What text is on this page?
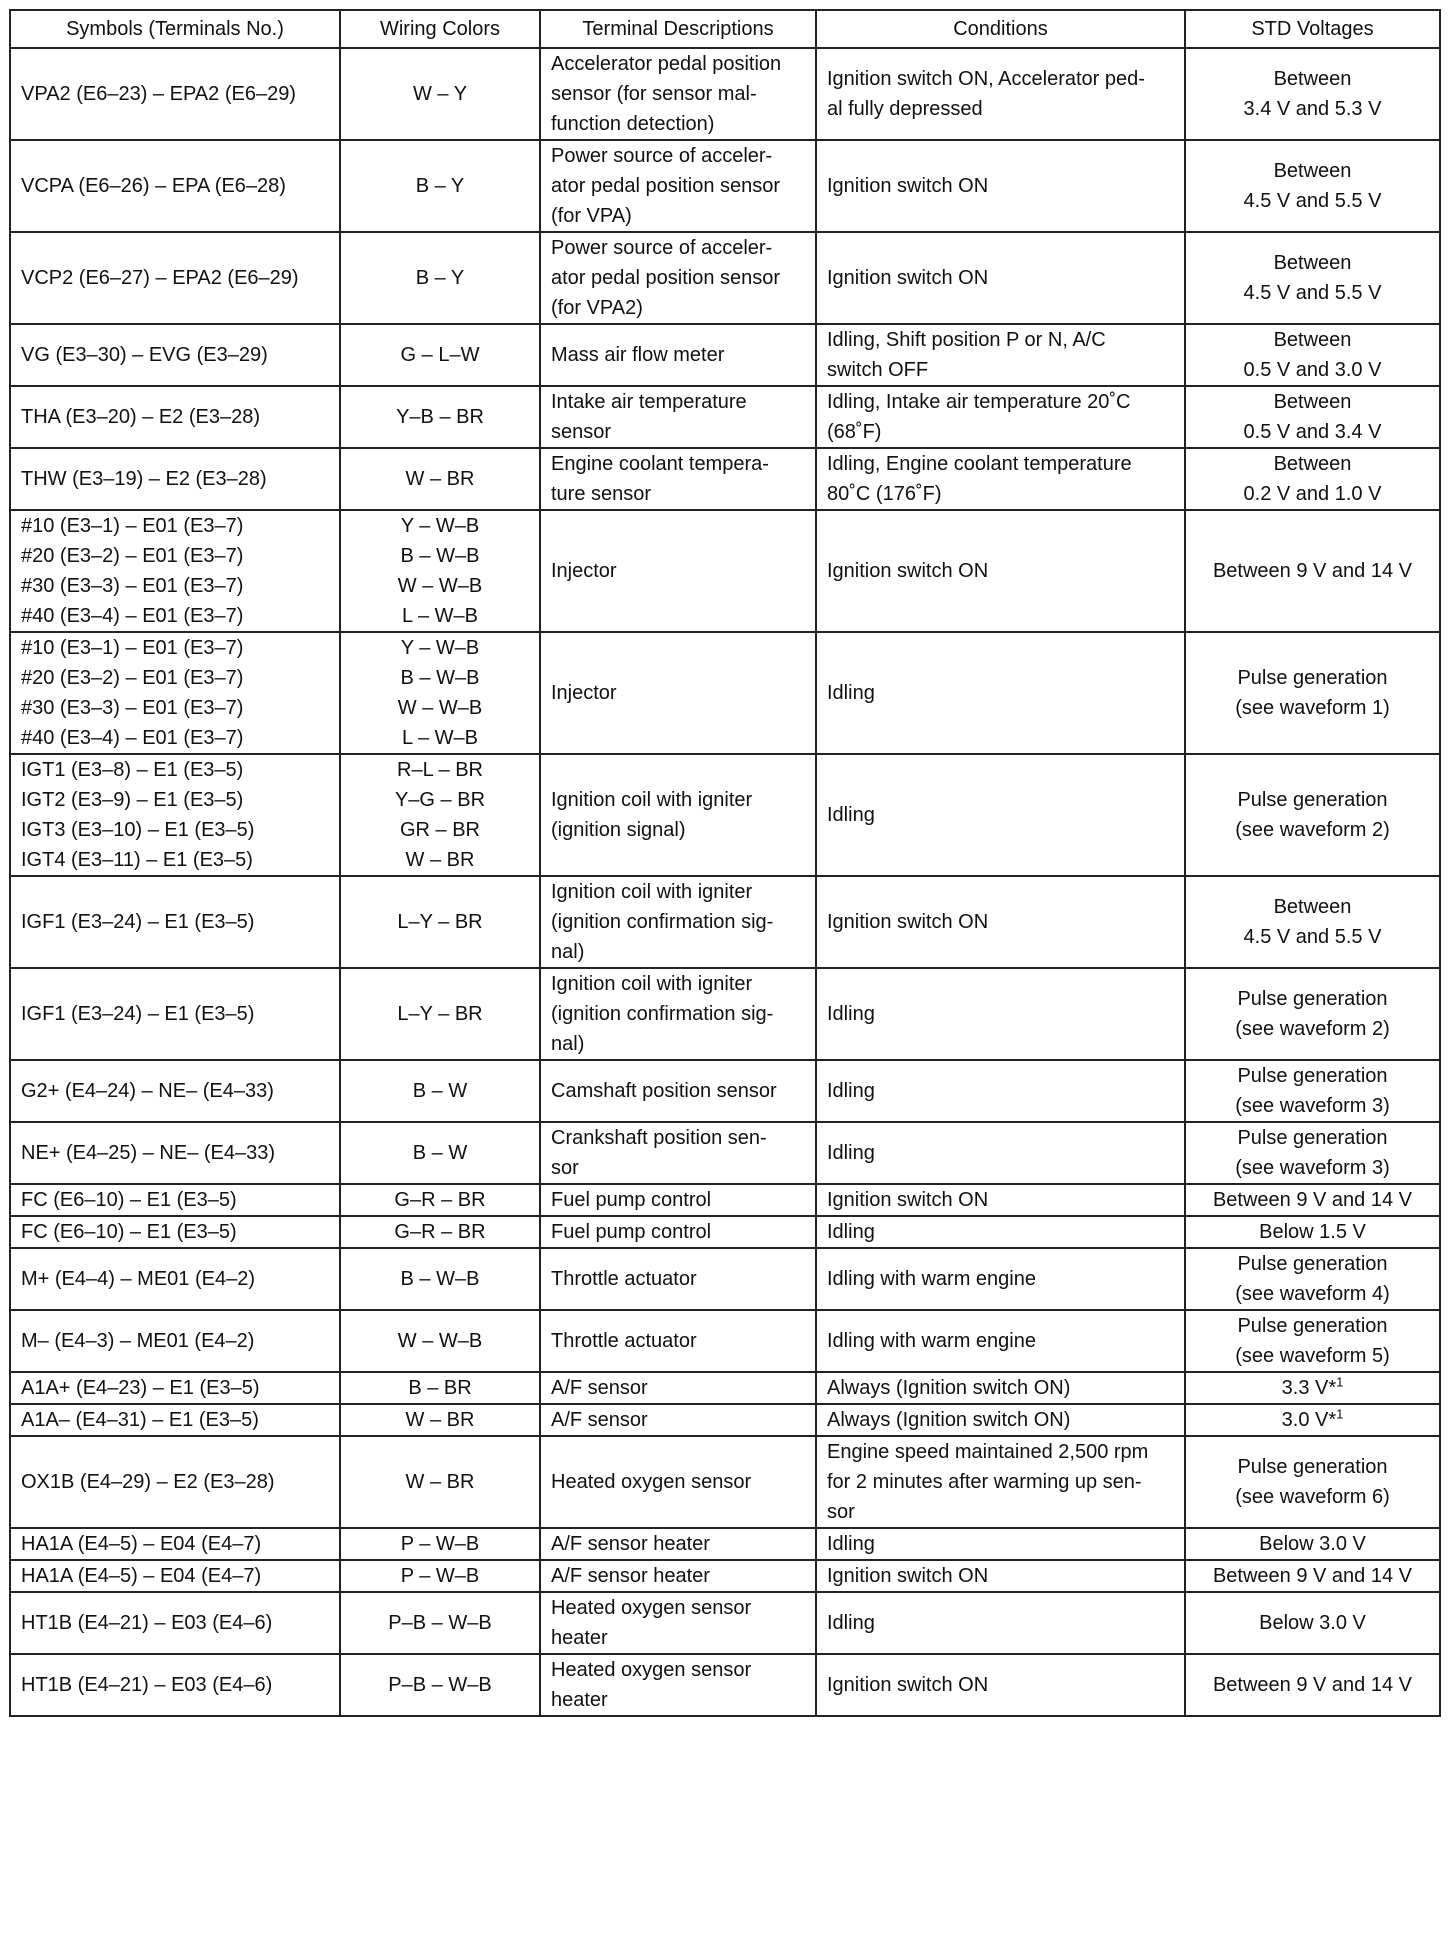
Symbols (Terminals No.)	Wiring Colors	Terminal Descriptions	Conditions	STD Voltages

VPA2 (E6–23) – EPA2 (E6–29)	W – Y	Accelerator pedal position sensor (for sensor mal-
function detection)	Ignition switch ON, Accelerator ped-
al fully depressed	Between
3.4 V and 5.3 V

VCPA (E6–26) – EPA (E6–28)	B – Y	Power source of acceler-
ator pedal position sensor
(for VPA)	Ignition switch ON	Between
4.5 V and 5.5 V

VCP2 (E6–27) – EPA2 (E6–29)	B – Y	Power source of acceler-
ator pedal position sensor
(for VPA2)	Ignition switch ON	Between
4.5 V and 5.5 V

VG (E3–30) – EVG (E3–29)	G – L–W	Mass air flow meter	Idling, Shift position P or N, A/C
switch OFF	Between
0.5 V and 3.0 V

THA (E3–20) – E2 (E3–28)	Y–B – BR	Intake air temperature
sensor	Idling, Intake air temperature 20˚C
(68˚F)	Between
0.5 V and 3.4 V

THW (E3–19) – E2 (E3–28)	W – BR	Engine coolant tempera-
ture sensor	Idling, Engine coolant temperature
80˚C (176˚F)	Between
0.2 V and 1.0 V

#10 (E3–1) – E01 (E3–7)
#20 (E3–2) – E01 (E3–7)
#30 (E3–3) – E01 (E3–7)
#40 (E3–4) – E01 (E3–7)	Y – W–B
B – W–B
W – W–B
L – W–B	Injector	Ignition switch ON	Between 9 V and 14 V

#10 (E3–1) – E01 (E3–7)
#20 (E3–2) – E01 (E3–7)
#30 (E3–3) – E01 (E3–7)
#40 (E3–4) – E01 (E3–7)	Y – W–B
B – W–B
W – W–B
L – W–B	Injector	Idling	Pulse generation
(see waveform 1)

IGT1 (E3–8) – E1 (E3–5)
IGT2 (E3–9) – E1 (E3–5)
IGT3 (E3–10) – E1 (E3–5)
IGT4 (E3–11) – E1 (E3–5)	R–L – BR
Y–G – BR
GR – BR
W – BR	Ignition coil with igniter
(ignition signal)	Idling	Pulse generation
(see waveform 2)

IGF1 (E3–24) – E1 (E3–5)	L–Y – BR	Ignition coil with igniter
(ignition confirmation sig-
nal)	Ignition switch ON	Between
4.5 V and 5.5 V

IGF1 (E3–24) – E1 (E3–5)	L–Y – BR	Ignition coil with igniter
(ignition confirmation sig-
nal)	Idling	Pulse generation
(see waveform 2)

G2+ (E4–24) – NE– (E4–33)	B – W	Camshaft position sensor	Idling	Pulse generation
(see waveform 3)

NE+ (E4–25) – NE– (E4–33)	B – W	Crankshaft position sen-
sor	Idling	Pulse generation
(see waveform 3)

FC (E6–10) – E1 (E3–5)	G–R – BR	Fuel pump control	Ignition switch ON	Between 9 V and 14 V

FC (E6–10) – E1 (E3–5)	G–R – BR	Fuel pump control	Idling	Below 1.5 V

M+ (E4–4) – ME01 (E4–2)	B – W–B	Throttle actuator	Idling with warm engine	Pulse generation
(see waveform 4)

M– (E4–3) – ME01 (E4–2)	W – W–B	Throttle actuator	Idling with warm engine	Pulse generation
(see waveform 5)

A1A+ (E4–23) – E1 (E3–5)	B – BR	A/F sensor	Always (Ignition switch ON)	3.3 V*$^1$

A1A– (E4–31) – E1 (E3–5)	W – BR	A/F sensor	Always (Ignition switch ON)	3.0 V*$^1$

OX1B (E4–29) – E2 (E3–28)	W – BR	Heated oxygen sensor	Engine speed maintained 2,500 rpm
for 2 minutes after warming up sen-
sor	Pulse generation
(see waveform 6)

HA1A (E4–5) – E04 (E4–7)	P – W–B	A/F sensor heater	Idling	Below 3.0 V

HA1A (E4–5) – E04 (E4–7)	P – W–B	A/F sensor heater	Ignition switch ON	Between 9 V and 14 V

HT1B (E4–21) – E03 (E4–6)	P–B – W–B	Heated oxygen sensor
heater	Idling	Below 3.0 V

HT1B (E4–21) – E03 (E4–6)	P–B – W–B	Heated oxygen sensor
heater	Ignition switch ON	Between 9 V and 14 V
